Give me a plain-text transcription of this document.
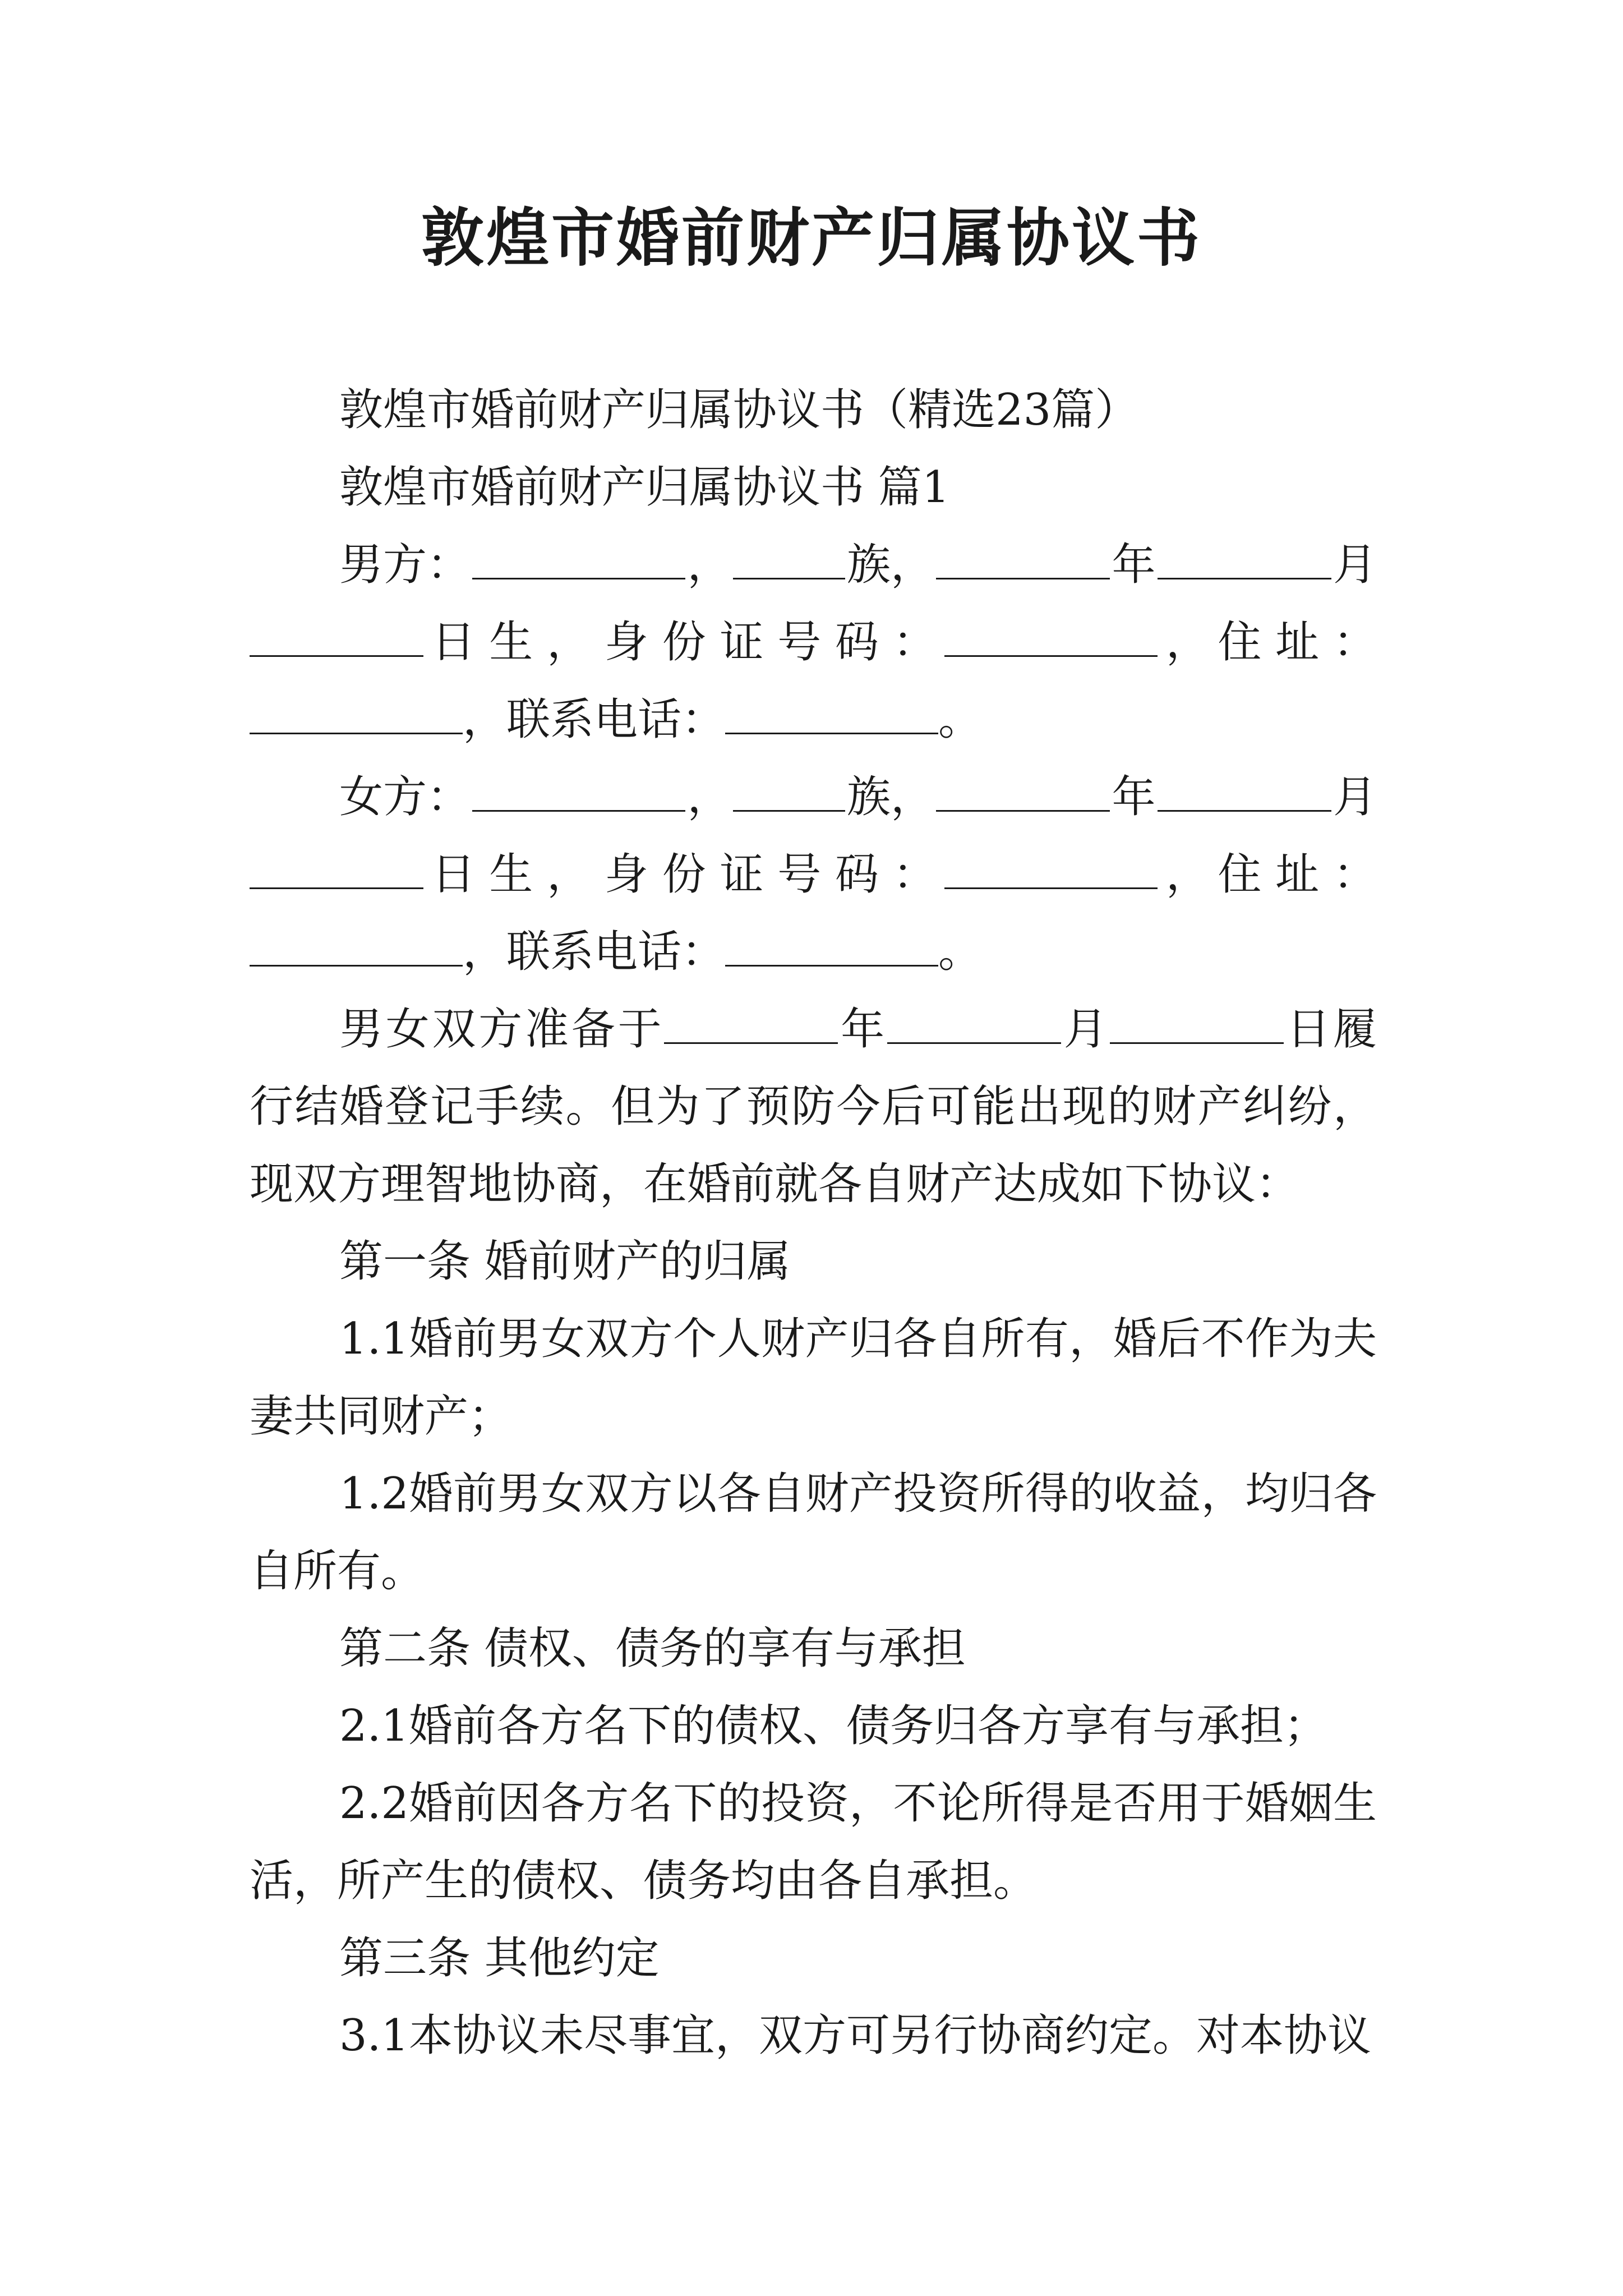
敦煌市婚前财产归属协议书

敦煌市婚前财产归属协议书（精选23篇）

敦煌市婚前财产归属协议书 篇1

男方：	，	族，	年	月
日 生 ， 身 份 证 号 码 ：	， 住 址 ：
，联系电话：	。
女方：	，	族，	年	月
日 生 ， 身 份 证 号 码 ：	， 住 址 ：
，联系电话：	。

男女双方准备于	年	月	日履行结婚登记手续。但为了预防今后可能出现的财产纠纷，现双方理智地协商，在婚前就各自财产达成如下协议：

第一条 婚前财产的归属

1.1婚前男女双方个人财产归各自所有，婚后不作为夫妻共同财产；

1.2婚前男女双方以各自财产投资所得的收益，均归各自所有。

第二条 债权、债务的享有与承担

2.1婚前各方名下的债权、债务归各方享有与承担；

2.2婚前因各方名下的投资，不论所得是否用于婚姻生活，所产生的债权、债务均由各自承担。

第三条 其他约定

3.1本协议未尽事宜，双方可另行协商约定。对本协议
